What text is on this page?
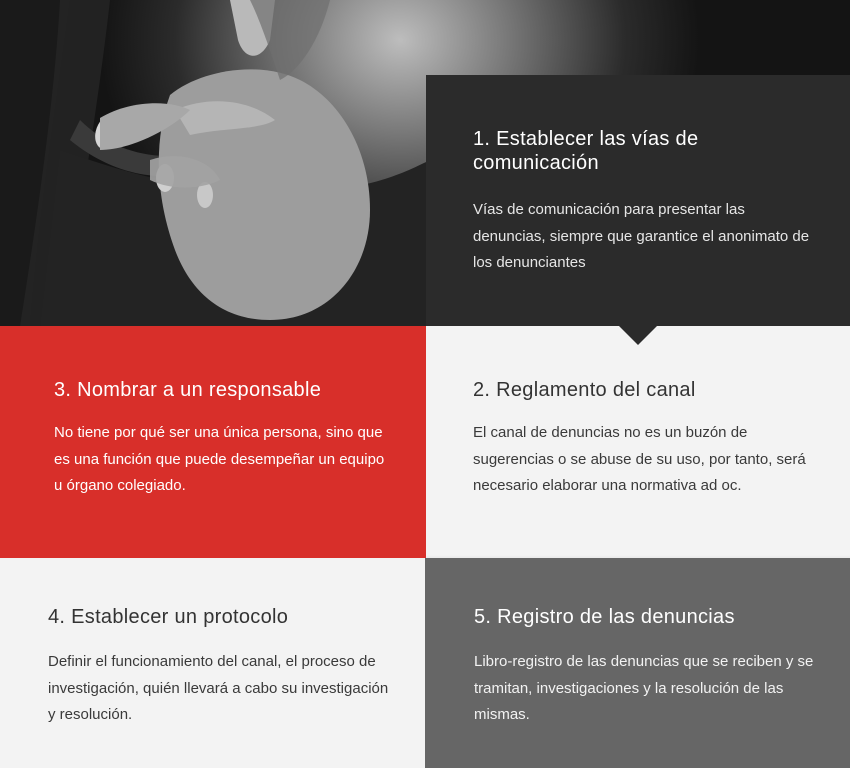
1. Establecer las vías de comunicación

Vías de comunicación para presentar las denuncias, siempre que garantice el anonimato de los denunciantes

3. Nombrar a un responsable

No tiene por qué ser una única persona, sino que es una función que puede desempeñar un equipo u órgano colegiado.

2. Reglamento del canal

El canal de denuncias no es un buzón de sugerencias o se abuse de su uso, por tanto, será necesario elaborar una normativa ad oc.

4. Establecer un protocolo

Definir el funcionamiento del canal, el proceso de investigación, quién llevará a cabo su investigación y resolución.

5. Registro de las denuncias

Libro-registro de las denuncias que se reciben y se tramitan, investigaciones y la resolución de las mismas.
